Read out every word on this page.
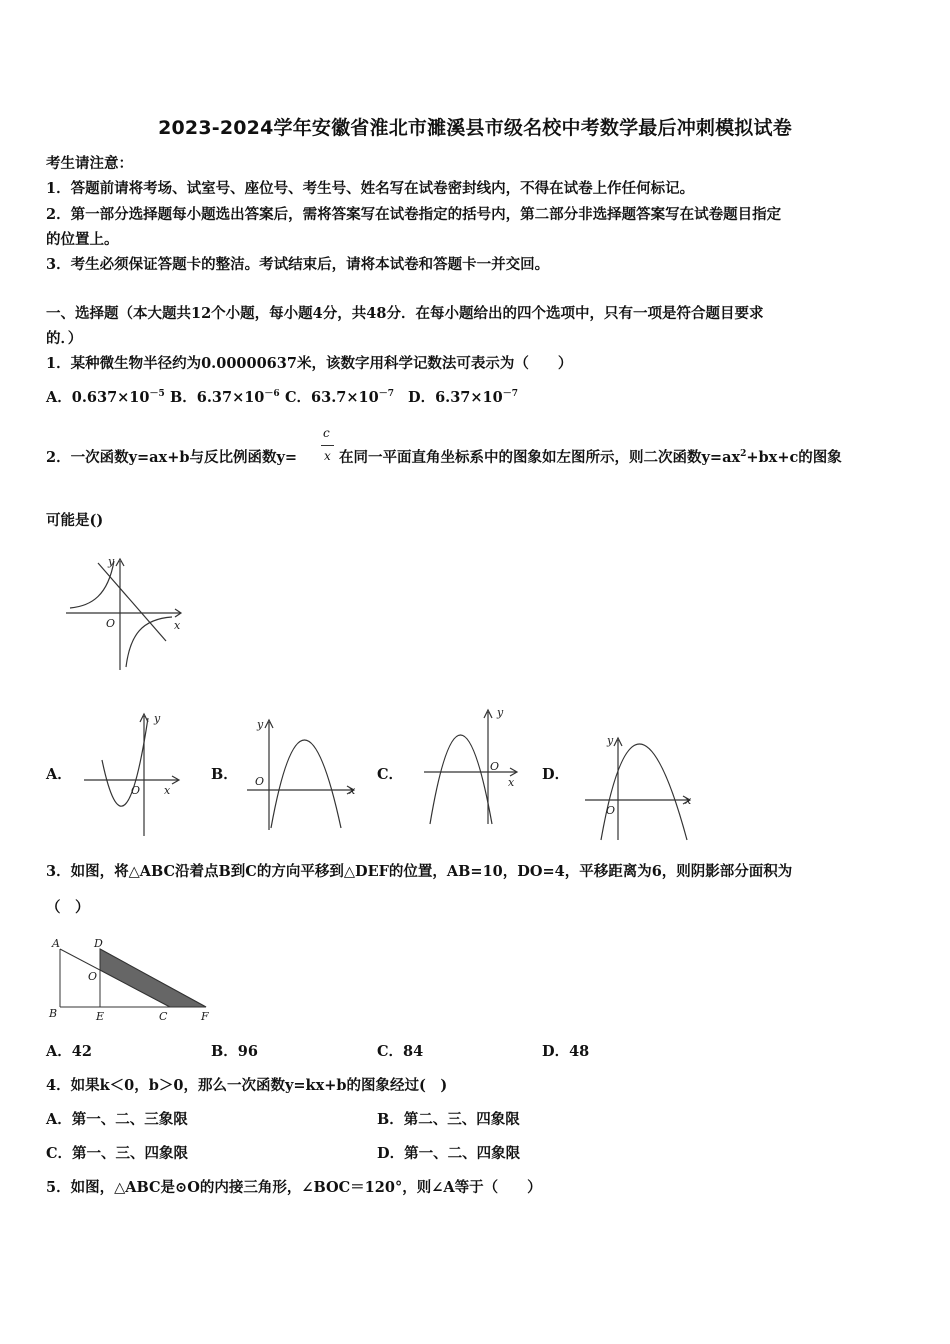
2023-2024学年安徽省淮北市濉溪县市级名校中考数学最后冲刺模拟试卷
考生请注意：
1．答题前请将考场、试室号、座位号、考生号、姓名写在试卷密封线内，不得在试卷上作任何标记。
2．第一部分选择题每小题选出答案后，需将答案写在试卷指定的括号内，第二部分非选择题答案写在试卷题目指定
的位置上。
3．考生必须保证答题卡的整洁。考试结束后，请将本试卷和答题卡一并交回。
一、选择题（本大题共12个小题，每小题4分，共48分．在每小题给出的四个选项中，只有一项是符合题目要求
的．）
1．某种微生物半径约为0.00000637米，该数字用科学记数法可表示为（　　）
A．$0.637\times 10^{-5}$ B．$6.37\times 10^{-6}$ C．$63.7\times 10^{-7}$ D．$6.37\times 10^{-7}$
2．一次函数y=ax+b与反比例函数y=
c
x 在同一平面直角坐标系中的图象如左图所示，则二次函数$y=ax^2+bx+c$的图象
可能是()
y
x
O
A．
y
x
O
B．
y
x
O	C．
y
x
O	D．
y
x
O
3．如图，将△ABC沿着点B到C的方向平移到△DEF的位置，AB=10，DO=4，平移距离为6，则阴影部分面积为
（　）
A	D
O
B	E	C	F
A．42	B．96	C．84	D．48
4．如果k＜0，b＞0，那么一次函数y=kx+b的图象经过(　)
A．第一、二、三象限	B．第二、三、四象限
C．第一、三、四象限	D．第一、二、四象限
5．如图，△ABC是⊙O的内接三角形，∠BOC＝120°，则∠A等于（　　）
